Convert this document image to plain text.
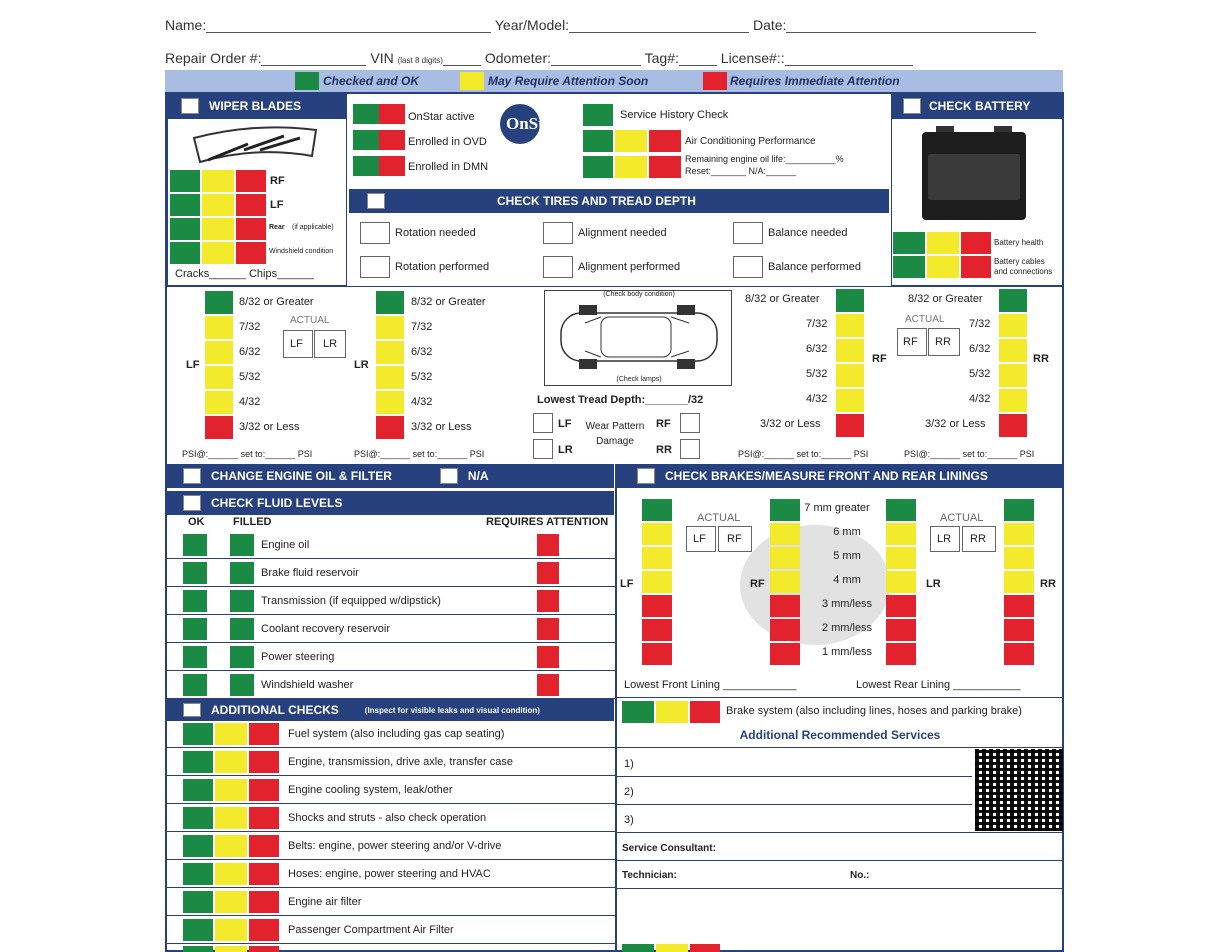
Name:	Year/Model:	Date:
Repair Order #:	VIN (last 8 digits)	Odometer:	Tag#:	License#::
Checked and OK	May Require Attention Soon	Requires Immediate Attention
WIPER BLADES
Cracks______ Chips______
OnStar active
Enrolled in OVD
Enrolled in DMN
OnStar	Service History Check
Air Conditioning Performance
Remaining engine oil life:__________%
Reset:_______ N/A:______
CHECK BATTERY
Battery health
Battery cables and connections
CHECK TIRES AND TREAD DEPTH
(Check body condition)
(Check lamps)
Lowest Tread Depth:_______/32
LF
LR
Wear Pattern Damage
RF
RR
PSI@:______ set to:______ PSI	PSI@:______ set to:______ PSI	PSI@:______ set to:______ PSI	PSI@:______ set to:______ PSI
CHANGE ENGINE OIL & FILTER	N/A
CHECK FLUID LEVELS
OK	FILLED	REQUIRES ATTENTION
CHECK BRAKES/MEASURE FRONT AND REAR LININGS
Lowest Front Lining ____________	Lowest Rear Lining ___________
Brake system (also including lines, hoses and parking brake)
ADDITIONAL CHECKS	(Inspect for visible leaks and visual condition)
Additional Recommended Services
1)
2)
3)
Service Consultant:
Technician:	No.:
RF
LF
Rear (if applicable)
Windshield condition
Rotation needed	Alignment needed	Balance needed
Rotation performed	Alignment performed	Balance performed
8/32 or Greater
7/32
6/32
5/32
4/32
3/32 or Less
LF
ACTUAL
LF LR
8/32 or Greater
7/32
6/32
5/32
4/32
3/32 or Less
LR
8/32 or Greater
7/32
6/32
5/32
4/32
3/32 or Less
RF
8/32 or Greater
7/32
6/32
5/32
4/32
3/32 or Less
RR
ACTUAL
RF RR
Engine oil
Brake fluid reservoir
Transmission (if equipped w/dipstick)
Coolant recovery reservoir
Power steering
Windshield washer
7 mm greater
6 mm
5 mm
4 mm
3 mm/less
2 mm/less
1 mm/less
LF	RF	LR	RR
ACTUAL
LF RF
ACTUAL
LR RR
Fuel system (also including gas cap seating)
Engine, transmission, drive axle, transfer case
Engine cooling system, leak/other
Shocks and struts - also check operation
Belts: engine, power steering and/or V-drive
Hoses: engine, power steering and HVAC
Engine air filter
Passenger Compartment Air Filter
